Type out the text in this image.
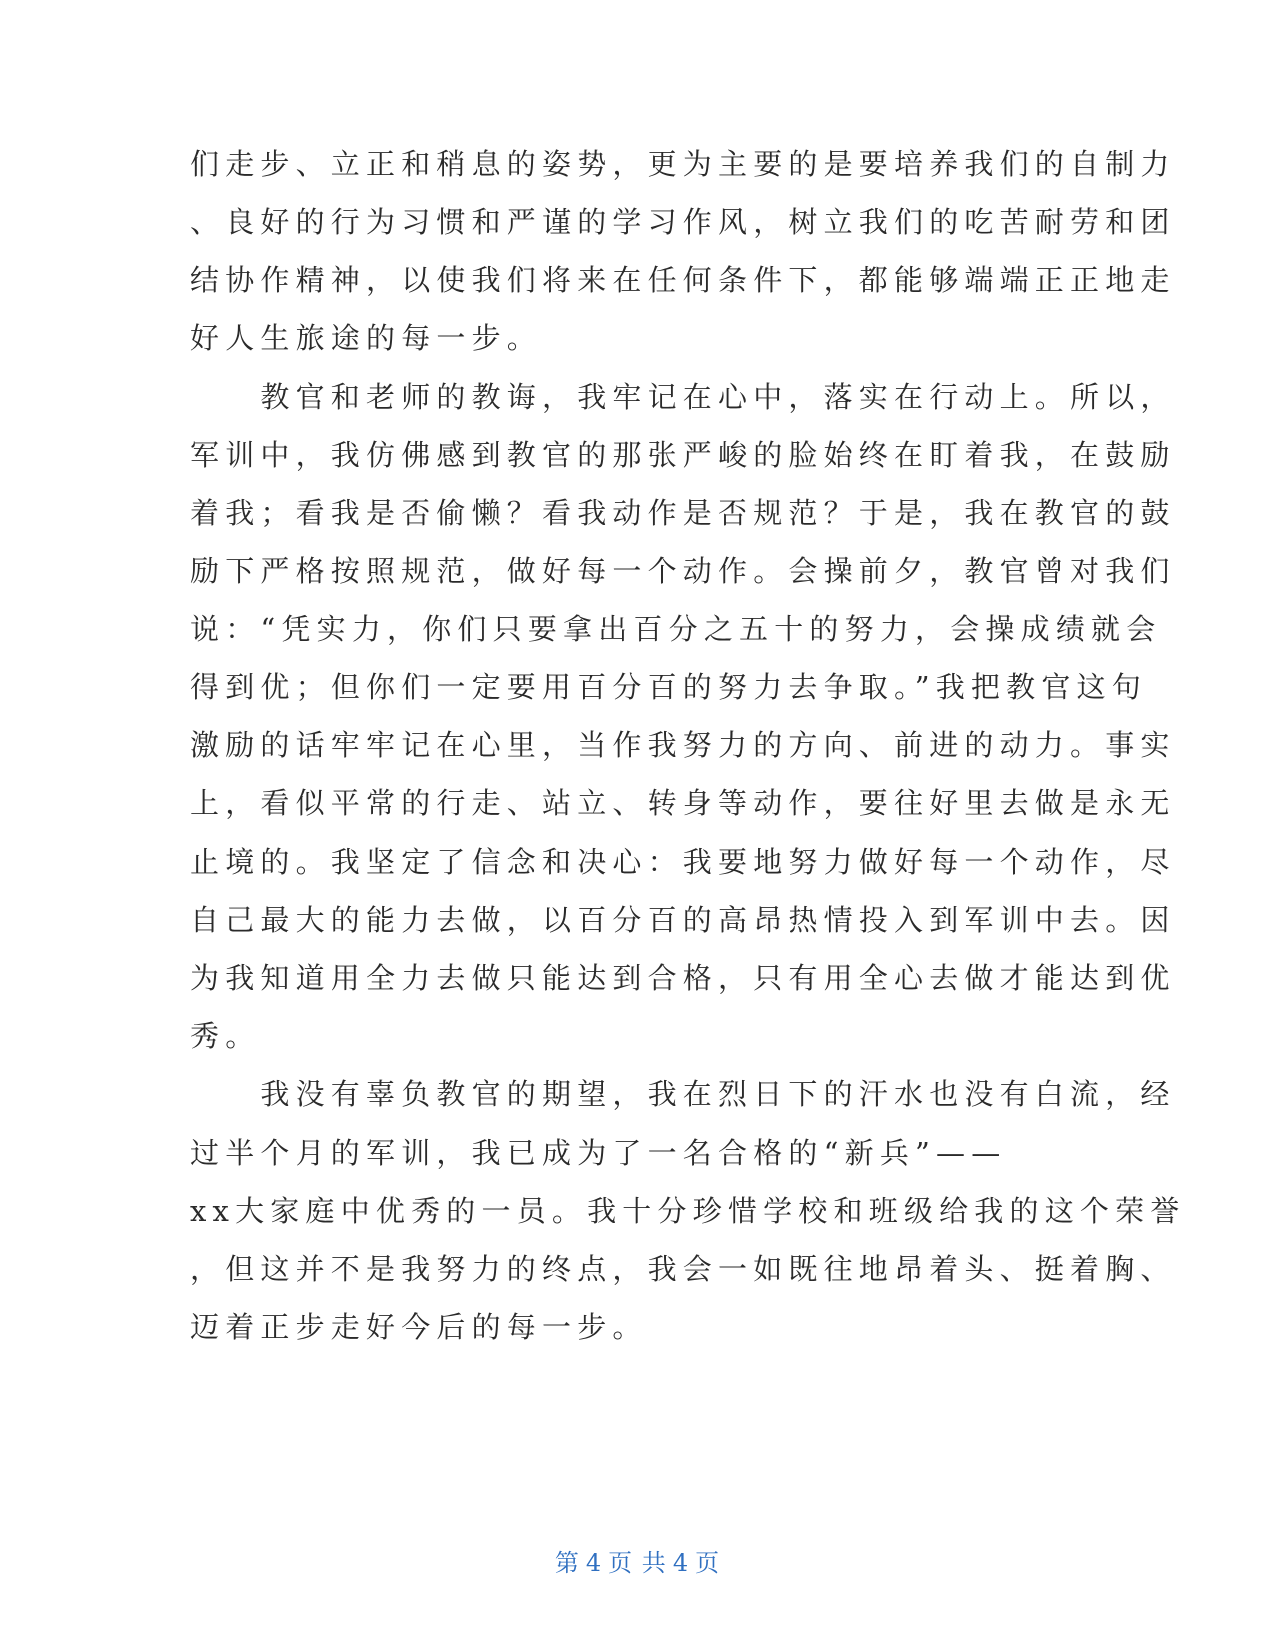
们走步、立正和稍息的姿势，更为主要的是要培养我们的自制力
、良好的行为习惯和严谨的学习作风，树立我们的吃苦耐劳和团
结协作精神，以使我们将来在任何条件下，都能够端端正正地走
好人生旅途的每一步。
　　教官和老师的教诲，我牢记在心中，落实在行动上。所以，
军训中，我仿佛感到教官的那张严峻的脸始终在盯着我，在鼓励
着我；看我是否偷懒？看我动作是否规范？于是，我在教官的鼓
励下严格按照规范，做好每一个动作。会操前夕，教官曾对我们
说：“凭实力，你们只要拿出百分之五十的努力，会操成绩就会
得到优；但你们一定要用百分百的努力去争取。”我把教官这句
激励的话牢牢记在心里，当作我努力的方向、前进的动力。事实
上，看似平常的行走、站立、转身等动作，要往好里去做是永无
止境的。我坚定了信念和决心：我要地努力做好每一个动作，尽
自己最大的能力去做，以百分百的高昂热情投入到军训中去。因
为我知道用全力去做只能达到合格，只有用全心去做才能达到优
秀。
　　我没有辜负教官的期望，我在烈日下的汗水也没有白流，经
过半个月的军训，我已成为了一名合格的“新兵”——
xx大家庭中优秀的一员。我十分珍惜学校和班级给我的这个荣誉
，但这并不是我努力的终点，我会一如既往地昂着头、挺着胸、
迈着正步走好今后的每一步。
第 4 页 共 4 页
